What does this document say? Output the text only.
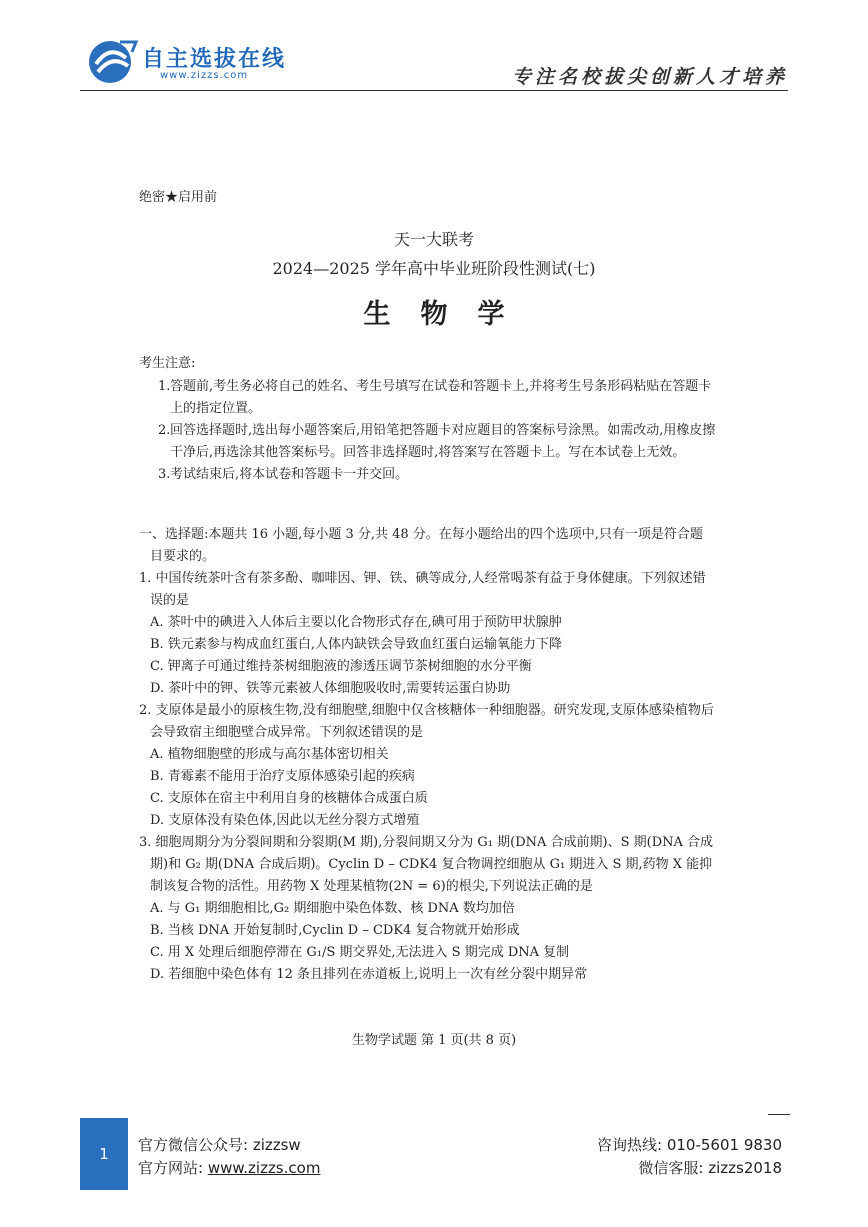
自主选拔在线
www.zizzs.com	专注名校拔尖创新人才培养
绝密★启用前
天一大联考
2024—2025 学年高中毕业班阶段性测试(七)
生物学
考生注意:
1. 答题前,考生务必将自己的姓名、考生号填写在试卷和答题卡上,并将考生号条形码粘贴在答题卡上的指定位置。
2. 回答选择题时,选出每小题答案后,用铅笔把答题卡对应题目的答案标号涂黑。如需改动,用橡皮擦干净后,再选涂其他答案标号。回答非选择题时,将答案写在答题卡上。写在本试卷上无效。
3. 考试结束后,将本试卷和答题卡一并交回。

一、选择题:本题共 16 小题,每小题 3 分,共 48 分。在每小题给出的四个选项中,只有一项是符合题目要求的。

1. 中国传统茶叶含有茶多酚、咖啡因、钾、铁、碘等成分,人经常喝茶有益于身体健康。下列叙述错误的是
A. 茶叶中的碘进入人体后主要以化合物形式存在,碘可用于预防甲状腺肿
B. 铁元素参与构成血红蛋白,人体内缺铁会导致血红蛋白运输氧能力下降
C. 钾离子可通过维持茶树细胞液的渗透压调节茶树细胞的水分平衡
D. 茶叶中的钾、铁等元素被人体细胞吸收时,需要转运蛋白协助
2. 支原体是最小的原核生物,没有细胞壁,细胞中仅含核糖体一种细胞器。研究发现,支原体感染植物后会导致宿主细胞壁合成异常。下列叙述错误的是
A. 植物细胞壁的形成与高尔基体密切相关
B. 青霉素不能用于治疗支原体感染引起的疾病
C. 支原体在宿主中利用自身的核糖体合成蛋白质
D. 支原体没有染色体,因此以无丝分裂方式增殖
3. 细胞周期分为分裂间期和分裂期(M 期),分裂间期又分为 G₁ 期(DNA 合成前期)、S 期(DNA 合成期)和 G₂ 期(DNA 合成后期)。Cyclin D – CDK4 复合物调控细胞从 G₁ 期进入 S 期,药物 X 能抑制该复合物的活性。用药物 X 处理某植物(2N = 6)的根尖,下列说法正确的是
A. 与 G₁ 期细胞相比,G₂ 期细胞中染色体数、核 DNA 数均加倍
B. 当核 DNA 开始复制时,Cyclin D – CDK4 复合物就开始形成
C. 用 X 处理后细胞停滞在 G₁/S 期交界处,无法进入 S 期完成 DNA 复制
D. 若细胞中染色体有 12 条且排列在赤道板上,说明上一次有丝分裂中期异常
生物学试题 第 1 页(共 8 页)
1 官方微信公众号: zizzsw
官方网站: www.zizzs.com
咨询热线: 010-5601 9830
微信客服: zizzs2018
